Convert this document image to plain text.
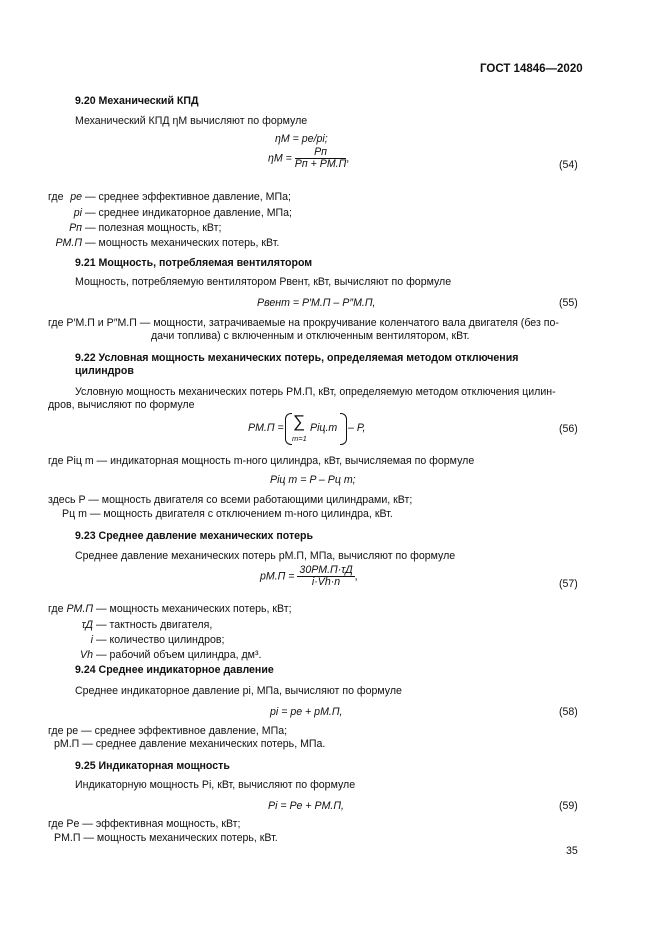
ГОСТ 14846—2020
9.20 Механический КПД
Механический КПД ηM вычисляют по формуле
ηМ = pe/pi;
$\eta М = \frac{Pп}{Pп + PМ.П}$ ,
(54)
где pe — среднее эффективное давление, МПа;
pi — среднее индикаторное давление, МПа;
Pп — полезная мощность, кВт;
PМ.П — мощность механических потерь, кВт.
9.21 Мощность, потребляемая вентилятором
Мощность, потребляемую вентилятором Pвент, кВт, вычисляют по формуле
Pвент = P′М.П – P″М.П,	(55)
где P′М.П и P″М.П — мощности, затрачиваемые на прокручивание коленчатого вала двигателя (без по-
дачи топлива) с включенным и отключенным вентилятором, кВт.
9.22 Условная мощность механических потерь, определяемая методом отключения
цилиндров
Условную мощность механических потерь PМ.П, кВт, определяемую методом отключения цилин-
дров, вычисляют по формуле
PМ.П = ∑
m=1
Piц.m – P,	(56)
где Piц m — индикаторная мощность m-ного цилиндра, кВт, вычисляемая по формуле
Piц m = P – Pц m;
здесь P — мощность двигателя со всеми работающими цилиндрами, кВт;
Pц m — мощность двигателя с отключением m-ного цилиндра, кВт.
9.23 Среднее давление механических потерь
Среднее давление механических потерь pМ.П, МПа, вычисляют по формуле
$pМ.П = \frac{30PМ.П\cdot\tau Д}{i\cdot Vh\cdot n}$ ,
(57)
где PМ.П — мощность механических потерь, кВт;
τД — тактность двигателя,
i — количество цилиндров;
Vh — рабочий объем цилиндра, дм³.
9.24 Среднее индикаторное давление
Среднее индикаторное давление pi, МПа, вычисляют по формуле
pi = pe + pМ.П,	(58)
где pe — среднее эффективное давление, МПа;
pМ.П — среднее давление механических потерь, МПа.
9.25 Индикаторная мощность
Индикаторную мощность Pi, кВт, вычисляют по формуле
Pi = Pe + PМ.П,	(59)
где Pe — эффективная мощность, кВт;
PМ.П — мощность механических потерь, кВт.
35
